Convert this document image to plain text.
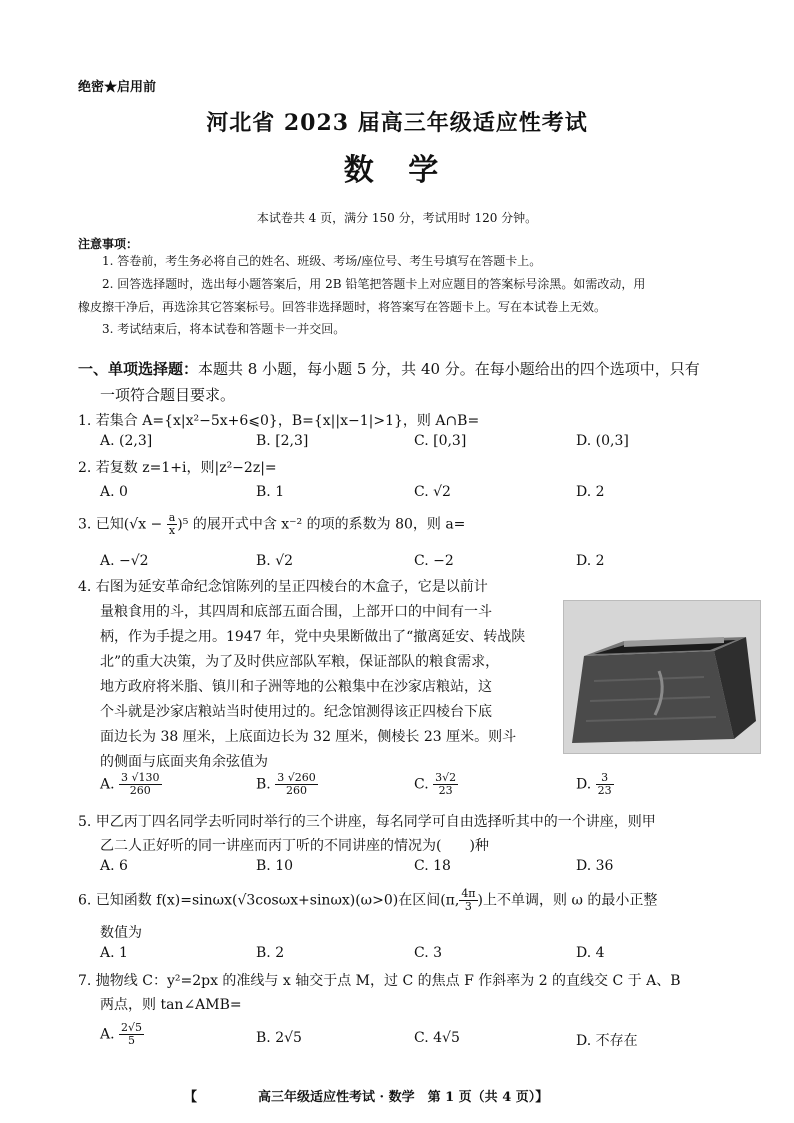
绝密★启用前
河北省 2023 届高三年级适应性考试
数 学
本试卷共 4 页，满分 150 分，考试用时 120 分钟。
注意事项：
1. 答卷前，考生务必将自己的姓名、班级、考场/座位号、考生号填写在答题卡上。
2. 回答选择题时，选出每小题答案后，用 2B 铅笔把答题卡上对应题目的答案标号涂黑。如需改动，用
橡皮擦干净后，再选涂其它答案标号。回答非选择题时，将答案写在答题卡上。写在本试卷上无效。
3. 考试结束后，将本试卷和答题卡一并交回。
一、单项选择题：本题共 8 小题，每小题 5 分，共 40 分。在每小题给出的四个选项中，只有
一项符合题目要求。
1. 若集合 A={x|x²−5x+6⩽0}，B={x||x−1|>1}，则 A∩B=
A. (2,3]	B. [2,3]	C. [0,3]	D. (0,3]
2. 若复数 z=1+i，则|z²−2z|=
A. 0	B. 1	C. √2	D. 2
3. 已知$(√x - \frac{a}{x} )^5$ 的展开式中含 x⁻² 的项的系数为 80，则 a=
A. −√2	B. √2	C. −2	D. 2
4. 右图为延安革命纪念馆陈列的呈正四棱台的木盒子，它是以前计
量粮食用的斗，其四周和底部五面合围，上部开口的中间有一斗
柄，作为手提之用。1947 年，党中央果断做出了“撤离延安、转战陕
北”的重大决策，为了及时供应部队军粮，保证部队的粮食需求，
地方政府将米脂、镇川和子洲等地的公粮集中在沙家店粮站，这
个斗就是沙家店粮站当时使用过的。纪念馆测得该正四棱台下底
面边长为 38 厘米，上底面边长为 32 厘米，侧棱长 23 厘米。则斗
的侧面与底面夹角余弦值为
A. $\frac{3 √130}{260}$	B. $\frac{3 √260}{260}$	C. $\frac{3√2}{23}$	D. $\frac{3}{23}$
5. 甲乙丙丁四名同学去听同时举行的三个讲座，每名同学可自由选择听其中的一个讲座，则甲
乙二人正好听的同一讲座而丙丁听的不同讲座的情况为(　　)种
A. 6	B. 10	C. 18	D. 36
6. 已知函数 f(x)=sinωx(√3cosωx+sinωx)(ω>0)在区间(π, $\frac{4\pi}{3}$ )上不单调，则 ω 的最小正整
数值为
A. 1	B. 2	C. 3	D. 4
7. 抛物线 C：y²=2px 的准线与 x 轴交于点 M，过 C 的焦点 F 作斜率为 2 的直线交 C 于 A、B
两点，则 tan∠AMB=
A. $\frac{2√5}{5}$	B. 2√5	C. 4√5	D. 不存在
【	高三年级适应性考试 · 数学　第 1 页（共 4 页）】
